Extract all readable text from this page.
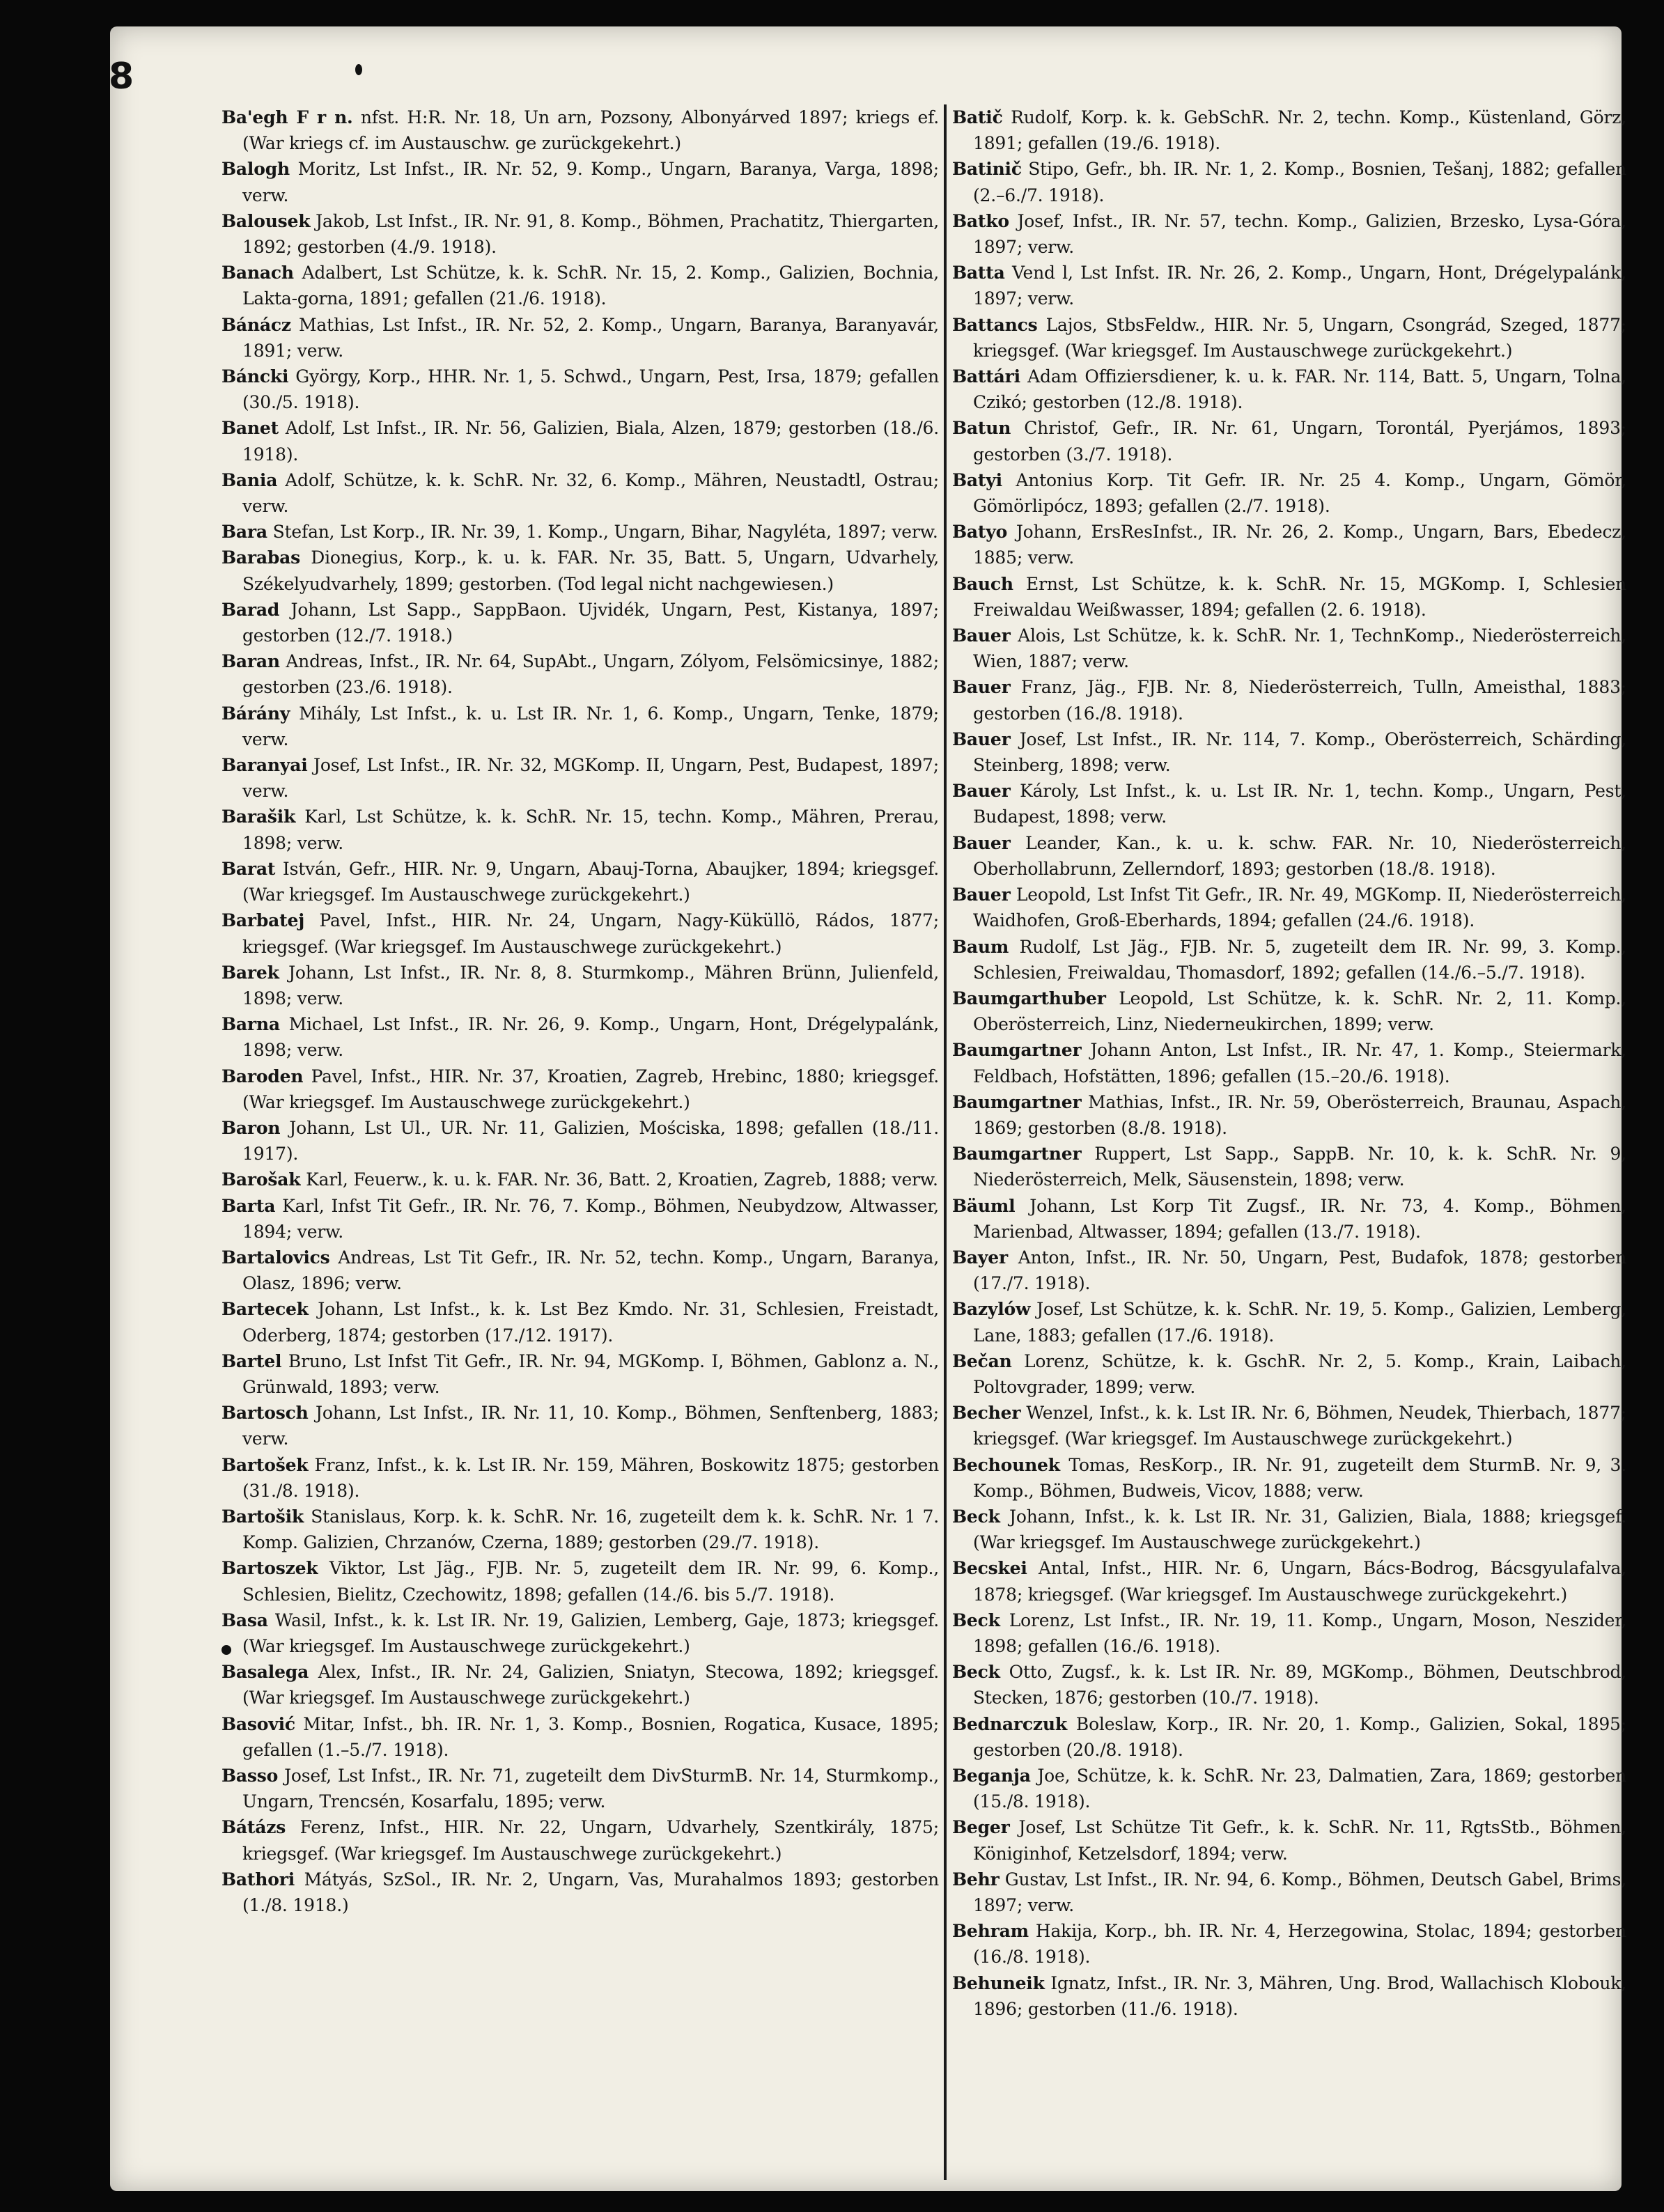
8

Ba'egh F r n. nfst. H:R. Nr. 18, Un arn, Pozsony, Albonyárved 1897; kriegs ef. (War kriegs cf. im Austauschw. ge zurückgekehrt.)

Balogh Moritz, Lst Infst., IR. Nr. 52, 9. Komp., Ungarn, Baranya, Varga, 1898; verw.

Balousek Jakob, Lst Infst., IR. Nr. 91, 8. Komp., Böhmen, Prachatitz, Thiergarten, 1892; gestorben (4./9. 1918).

Banach Adalbert, Lst Schütze, k. k. SchR. Nr. 15, 2. Komp., Galizien, Bochnia, Lakta-gorna, 1891; gefallen (21./6. 1918).

Bánácz Mathias, Lst Infst., IR. Nr. 52, 2. Komp., Ungarn, Baranya, Baranyavár, 1891; verw.

Báncki György, Korp., HHR. Nr. 1, 5. Schwd., Ungarn, Pest, Irsa, 1879; gefallen (30./5. 1918).

Banet Adolf, Lst Infst., IR. Nr. 56, Galizien, Biala, Alzen, 1879; gestorben (18./6. 1918).

Bania Adolf, Schütze, k. k. SchR. Nr. 32, 6. Komp., Mähren, Neustadtl, Ostrau; verw.

Bara Stefan, Lst Korp., IR. Nr. 39, 1. Komp., Ungarn, Bihar, Nagyléta, 1897; verw.

Barabas Dionegius, Korp., k. u. k. FAR. Nr. 35, Batt. 5, Ungarn, Udvarhely, Székelyudvarhely, 1899; gestorben. (Tod legal nicht nachgewiesen.)

Barad Johann, Lst Sapp., SappBaon. Ujvidék, Ungarn, Pest, Kistanya, 1897; gestorben (12./7. 1918.)

Baran Andreas, Infst., IR. Nr. 64, SupAbt., Ungarn, Zólyom, Felsömicsinye, 1882; gestorben (23./6. 1918).

Bárány Mihály, Lst Infst., k. u. Lst IR. Nr. 1, 6. Komp., Ungarn, Tenke, 1879; verw.

Baranyai Josef, Lst Infst., IR. Nr. 32, MGKomp. II, Ungarn, Pest, Budapest, 1897; verw.

Barašik Karl, Lst Schütze, k. k. SchR. Nr. 15, techn. Komp., Mähren, Prerau, 1898; verw.

Barat István, Gefr., HIR. Nr. 9, Ungarn, Abauj-Torna, Abaujker, 1894; kriegsgef. (War kriegsgef. Im Austauschwege zurückgekehrt.)

Barbatej Pavel, Infst., HIR. Nr. 24, Ungarn, Nagy-Küküllö, Rádos, 1877; kriegsgef. (War kriegsgef. Im Austauschwege zurückgekehrt.)

Barek Johann, Lst Infst., IR. Nr. 8, 8. Sturmkomp., Mähren Brünn, Julienfeld, 1898; verw.

Barna Michael, Lst Infst., IR. Nr. 26, 9. Komp., Ungarn, Hont, Drégelypalánk, 1898; verw.

Baroden Pavel, Infst., HIR. Nr. 37, Kroatien, Zagreb, Hrebinc, 1880; kriegsgef. (War kriegsgef. Im Austauschwege zurückgekehrt.)

Baron Johann, Lst Ul., UR. Nr. 11, Galizien, Mościska, 1898; gefallen (18./11. 1917).

Barošak Karl, Feuerw., k. u. k. FAR. Nr. 36, Batt. 2, Kroatien, Zagreb, 1888; verw.

Barta Karl, Infst Tit Gefr., IR. Nr. 76, 7. Komp., Böhmen, Neubydzow, Altwasser, 1894; verw.

Bartalovics Andreas, Lst Tit Gefr., IR. Nr. 52, techn. Komp., Ungarn, Baranya, Olasz, 1896; verw.

Bartecek Johann, Lst Infst., k. k. Lst Bez Kmdo. Nr. 31, Schlesien, Freistadt, Oderberg, 1874; gestorben (17./12. 1917).

Bartel Bruno, Lst Infst Tit Gefr., IR. Nr. 94, MGKomp. I, Böhmen, Gablonz a. N., Grünwald, 1893; verw.

Bartosch Johann, Lst Infst., IR. Nr. 11, 10. Komp., Böhmen, Senftenberg, 1883; verw.

Bartošek Franz, Infst., k. k. Lst IR. Nr. 159, Mähren, Boskowitz 1875; gestorben (31./8. 1918).

Bartošik Stanislaus, Korp. k. k. SchR. Nr. 16, zugeteilt dem k. k. SchR. Nr. 1 7. Komp. Galizien, Chrzanów, Czerna, 1889; gestorben (29./7. 1918).

Bartoszek Viktor, Lst Jäg., FJB. Nr. 5, zugeteilt dem IR. Nr. 99, 6. Komp., Schlesien, Bielitz, Czechowitz, 1898; gefallen (14./6. bis 5./7. 1918).

Basa Wasil, Infst., k. k. Lst IR. Nr. 19, Galizien, Lemberg, Gaje, 1873; kriegsgef. (War kriegsgef. Im Austauschwege zurückgekehrt.)

Basalega Alex, Infst., IR. Nr. 24, Galizien, Sniatyn, Stecowa, 1892; kriegsgef. (War kriegsgef. Im Austauschwege zurückgekehrt.)

Basović Mitar, Infst., bh. IR. Nr. 1, 3. Komp., Bosnien, Rogatica, Kusace, 1895; gefallen (1.–5./7. 1918).

Basso Josef, Lst Infst., IR. Nr. 71, zugeteilt dem DivSturmB. Nr. 14, Sturmkomp., Ungarn, Trencsén, Kosarfalu, 1895; verw.

Bátázs Ferenz, Infst., HIR. Nr. 22, Ungarn, Udvarhely, Szentkirály, 1875; kriegsgef. (War kriegsgef. Im Austauschwege zurückgekehrt.)

Bathori Mátyás, SzSol., IR. Nr. 2, Ungarn, Vas, Murahalmos 1893; gestorben (1./8. 1918.)

Batič Rudolf, Korp. k. k. GebSchR. Nr. 2, techn. Komp., Küstenland, Görz, 1891; gefallen (19./6. 1918).

Batinič Stipo, Gefr., bh. IR. Nr. 1, 2. Komp., Bosnien, Tešanj, 1882; gefallen (2.–6./7. 1918).

Batko Josef, Infst., IR. Nr. 57, techn. Komp., Galizien, Brzesko, Lysa-Góra, 1897; verw.

Batta Vend l, Lst Infst. IR. Nr. 26, 2. Komp., Ungarn, Hont, Drégelypalánk, 1897; verw.

Battancs Lajos, StbsFeldw., HIR. Nr. 5, Ungarn, Csongrád, Szeged, 1877; kriegsgef. (War kriegsgef. Im Austauschwege zurückgekehrt.)

Battári Adam Offiziersdiener, k. u. k. FAR. Nr. 114, Batt. 5, Ungarn, Tolna, Czikó; gestorben (12./8. 1918).

Batun Christof, Gefr., IR. Nr. 61, Ungarn, Torontál, Pyerjámos, 1893; gestorben (3./7. 1918).

Batyi Antonius Korp. Tit Gefr. IR. Nr. 25 4. Komp., Ungarn, Gömör, Gömörlipócz, 1893; gefallen (2./7. 1918).

Batyo Johann, ErsResInfst., IR. Nr. 26, 2. Komp., Ungarn, Bars, Ebedecz, 1885; verw.

Bauch Ernst, Lst Schütze, k. k. SchR. Nr. 15, MGKomp. I, Schlesien Freiwaldau Weißwasser, 1894; gefallen (2. 6. 1918).

Bauer Alois, Lst Schütze, k. k. SchR. Nr. 1, TechnKomp., Niederösterreich, Wien, 1887; verw.

Bauer Franz, Jäg., FJB. Nr. 8, Niederösterreich, Tulln, Ameisthal, 1883; gestorben (16./8. 1918).

Bauer Josef, Lst Infst., IR. Nr. 114, 7. Komp., Oberösterreich, Schärding, Steinberg, 1898; verw.

Bauer Károly, Lst Infst., k. u. Lst IR. Nr. 1, techn. Komp., Ungarn, Pest, Budapest, 1898; verw.

Bauer Leander, Kan., k. u. k. schw. FAR. Nr. 10, Niederösterreich, Oberhollabrunn, Zellerndorf, 1893; gestorben (18./8. 1918).

Bauer Leopold, Lst Infst Tit Gefr., IR. Nr. 49, MGKomp. II, Niederösterreich, Waidhofen, Groß-Eberhards, 1894; gefallen (24./6. 1918).

Baum Rudolf, Lst Jäg., FJB. Nr. 5, zugeteilt dem IR. Nr. 99, 3. Komp., Schlesien, Freiwaldau, Thomasdorf, 1892; gefallen (14./6.–5./7. 1918).

Baumgarthuber Leopold, Lst Schütze, k. k. SchR. Nr. 2, 11. Komp., Oberösterreich, Linz, Niederneukirchen, 1899; verw.

Baumgartner Johann Anton, Lst Infst., IR. Nr. 47, 1. Komp., Steiermark, Feldbach, Hofstätten, 1896; gefallen (15.–20./6. 1918).

Baumgartner Mathias, Infst., IR. Nr. 59, Oberösterreich, Braunau, Aspach, 1869; gestorben (8./8. 1918).

Baumgartner Ruppert, Lst Sapp., SappB. Nr. 10, k. k. SchR. Nr. 9, Niederösterreich, Melk, Säusenstein, 1898; verw.

Bäuml Johann, Lst Korp Tit Zugsf., IR. Nr. 73, 4. Komp., Böhmen, Marienbad, Altwasser, 1894; gefallen (13./7. 1918).

Bayer Anton, Infst., IR. Nr. 50, Ungarn, Pest, Budafok, 1878; gestorben (17./7. 1918).

Bazylów Josef, Lst Schütze, k. k. SchR. Nr. 19, 5. Komp., Galizien, Lemberg, Lane, 1883; gefallen (17./6. 1918).

Bečan Lorenz, Schütze, k. k. GschR. Nr. 2, 5. Komp., Krain, Laibach, Poltovgrader, 1899; verw.

Becher Wenzel, Infst., k. k. Lst IR. Nr. 6, Böhmen, Neudek, Thierbach, 1877; kriegsgef. (War kriegsgef. Im Austauschwege zurückgekehrt.)

Bechounek Tomas, ResKorp., IR. Nr. 91, zugeteilt dem SturmB. Nr. 9, 3. Komp., Böhmen, Budweis, Vicov, 1888; verw.

Beck Johann, Infst., k. k. Lst IR. Nr. 31, Galizien, Biala, 1888; kriegsgef. (War kriegsgef. Im Austauschwege zurückgekehrt.)

Becskei Antal, Infst., HIR. Nr. 6, Ungarn, Bács-Bodrog, Bácsgyulafalva, 1878; kriegsgef. (War kriegsgef. Im Austauschwege zurückgekehrt.)

Beck Lorenz, Lst Infst., IR. Nr. 19, 11. Komp., Ungarn, Moson, Neszider, 1898; gefallen (16./6. 1918).

Beck Otto, Zugsf., k. k. Lst IR. Nr. 89, MGKomp., Böhmen, Deutschbrod, Stecken, 1876; gestorben (10./7. 1918).

Bednarczuk Boleslaw, Korp., IR. Nr. 20, 1. Komp., Galizien, Sokal, 1895; gestorben (20./8. 1918).

Beganja Joe, Schütze, k. k. SchR. Nr. 23, Dalmatien, Zara, 1869; gestorben (15./8. 1918).

Beger Josef, Lst Schütze Tit Gefr., k. k. SchR. Nr. 11, RgtsStb., Böhmen, Königinhof, Ketzelsdorf, 1894; verw.

Behr Gustav, Lst Infst., IR. Nr. 94, 6. Komp., Böhmen, Deutsch Gabel, Brims, 1897; verw.

Behram Hakija, Korp., bh. IR. Nr. 4, Herzegowina, Stolac, 1894; gestorben (16./8. 1918).

Behuneik Ignatz, Infst., IR. Nr. 3, Mähren, Ung. Brod, Wallachisch Klobouk, 1896; gestorben (11./6. 1918).
